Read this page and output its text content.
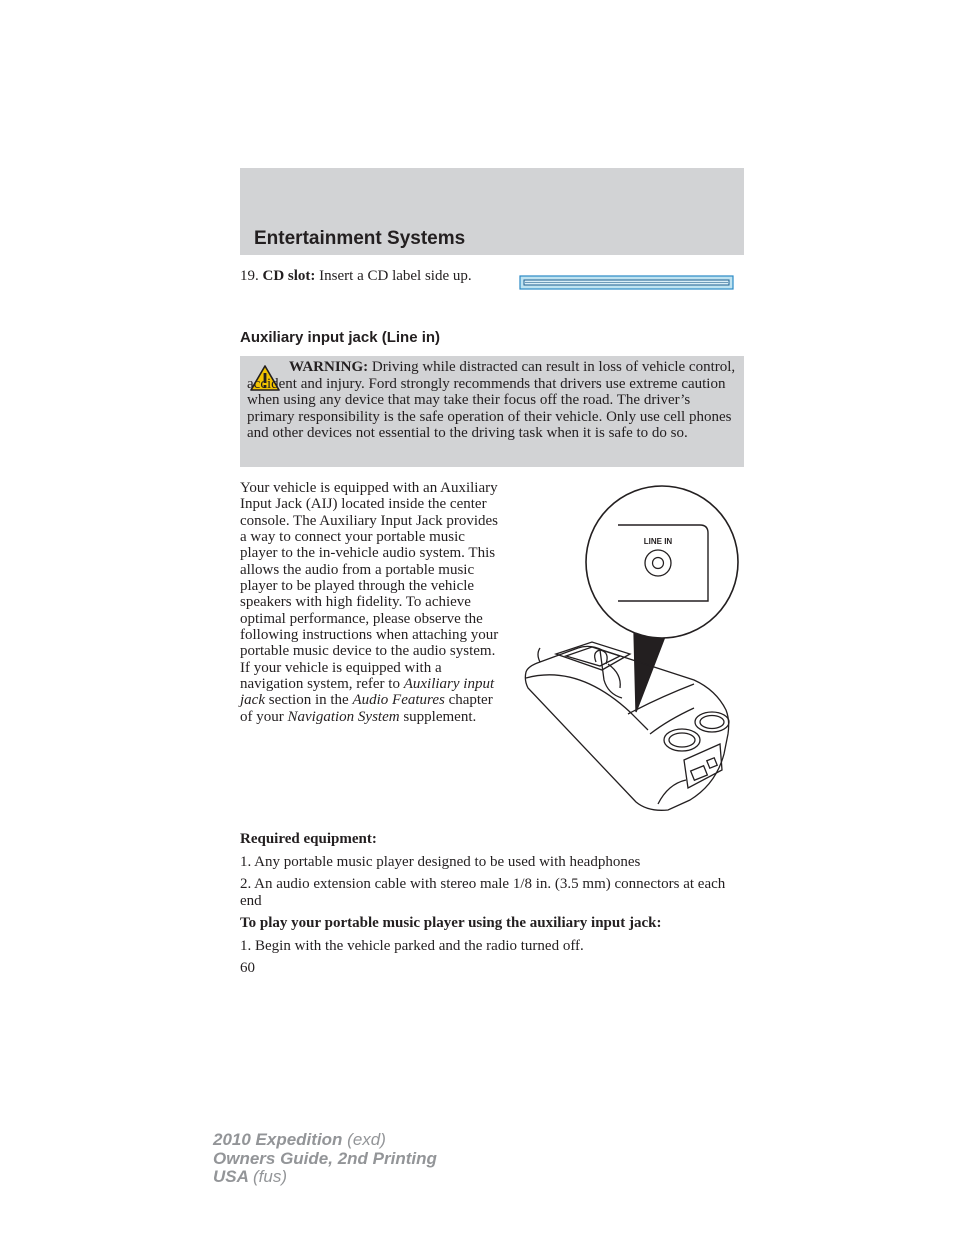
Entertainment Systems
19. CD slot: Insert a CD label side up.
Auxiliary input jack (Line in)
WARNING: Driving while distracted can result in loss of vehicle control, accident and injury. Ford strongly recommends that drivers use extreme caution when using any device that may take their focus off the road. The driver’s primary responsibility is the safe operation of their vehicle. Only use cell phones and other devices not essential to the driving task when it is safe to do so.
Your vehicle is equipped with an Auxiliary Input Jack (AIJ) located inside the center console. The Auxiliary Input Jack provides a way to connect your portable music player to the in-vehicle audio system. This allows the audio from a portable music player to be played through the vehicle speakers with high fidelity. To achieve optimal performance, please observe the following instructions when attaching your portable music device to the audio system.
If your vehicle is equipped with a navigation system, refer to Auxiliary input jack section in the Audio Features chapter of your Navigation System supplement.
LINE IN
Required equipment:
1. Any portable music player designed to be used with headphones
2. An audio extension cable with stereo male 1/8 in. (3.5 mm) connectors at each end
To play your portable music player using the auxiliary input jack:
1. Begin with the vehicle parked and the radio turned off.
60
2010 Expedition (exd)
Owners Guide, 2nd Printing
USA (fus)
